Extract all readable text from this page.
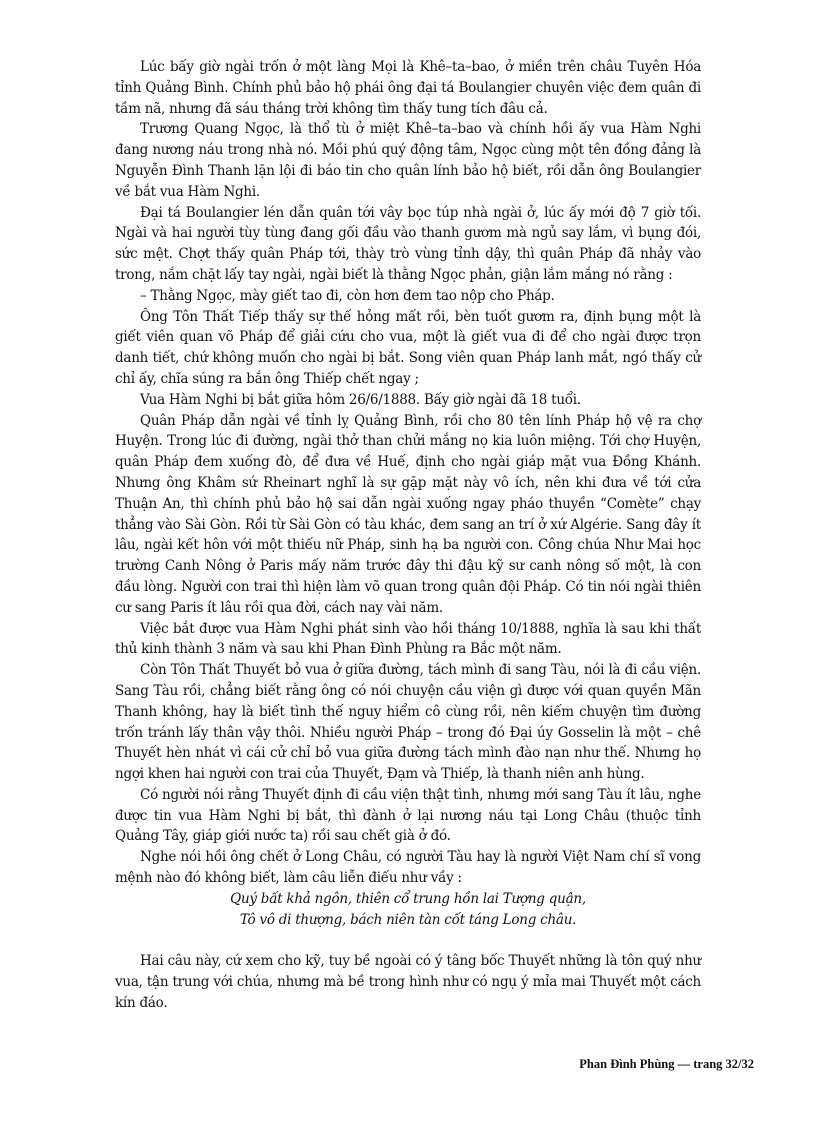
Lúc bấy giờ ngài trốn ở một làng Mọi là Khê–ta–bao, ở miền trên châu Tuyên Hóa tỉnh Quảng Bình. Chính phủ bảo hộ phái ông đại tá Boulangier chuyên việc đem quân đi tầm nã, nhưng đã sáu tháng trời không tìm thấy tung tích đâu cả.

Trương Quang Ngọc, là thổ tù ở miệt Khê–ta–bao và chính hồi ấy vua Hàm Nghi đang nương náu trong nhà nó. Mồi phú quý động tâm, Ngọc cùng một tên đồng đảng là Nguyễn Đình Thanh lặn lội đi báo tin cho quân lính bảo hộ biết, rồi dẫn ông Boulangier về bắt vua Hàm Nghi.

Đại tá Boulangier lén dẫn quân tới vây bọc túp nhà ngài ở, lúc ấy mới độ 7 giờ tối. Ngài và hai người tùy tùng đang gối đầu vào thanh gươm mà ngủ say lắm, vì bụng đói, sức mệt. Chợt thấy quân Pháp tới, thày trò vùng tỉnh dậy, thì quân Pháp đã nhảy vào trong, nắm chặt lấy tay ngài, ngài biết là thằng Ngọc phản, giận lắm mắng nó rằng :

– Thằng Ngọc, mày giết tao đi, còn hơn đem tao nộp cho Pháp.

Ông Tôn Thất Tiếp thấy sự thế hỏng mất rồi, bèn tuốt gươm ra, định bụng một là giết viên quan võ Pháp để giải cứu cho vua, một là giết vua đi để cho ngài được trọn danh tiết, chứ không muốn cho ngài bị bắt. Song viên quan Pháp lanh mắt, ngó thấy cử chỉ ấy, chĩa súng ra bắn ông Thiếp chết ngay ;

Vua Hàm Nghi bị bắt giữa hôm 26/6/1888. Bấy giờ ngài đã 18 tuổi.

Quân Pháp dẫn ngài về tỉnh lỵ Quảng Bình, rồi cho 80 tên lính Pháp hộ vệ ra chợ Huyện. Trong lúc đi đường, ngài thở than chửi mắng nọ kia luôn miệng. Tới chợ Huyện, quân Pháp đem xuống đò, để đưa về Huế, định cho ngài giáp mặt vua Đồng Khánh. Nhưng ông Khâm sứ Rheinart nghĩ là sự gặp mặt này vô ích, nên khi đưa về tới cửa Thuận An, thì chính phủ bảo hộ sai dẫn ngài xuống ngay pháo thuyền “Comète” chạy thẳng vào Sài Gòn. Rồi từ Sài Gòn có tàu khác, đem sang an trí ở xứ Algérie. Sang đây ít lâu, ngài kết hôn với một thiếu nữ Pháp, sinh hạ ba người con. Công chúa Như Mai học trường Canh Nông ở Paris mấy năm trước đây thi đậu kỹ sư canh nông số một, là con đầu lòng. Người con trai thì hiện làm võ quan trong quân đội Pháp. Có tin nói ngài thiên cư sang Paris ít lâu rồi qua đời, cách nay vài năm.

Việc bắt được vua Hàm Nghi phát sinh vào hồi tháng 10/1888, nghĩa là sau khi thất thủ kinh thành 3 năm và sau khi Phan Đình Phùng ra Bắc một năm.

Còn Tôn Thất Thuyết bỏ vua ở giữa đường, tách mình đi sang Tàu, nói là đi cầu viện. Sang Tàu rồi, chẳng biết rằng ông có nói chuyện cầu viện gì được với quan quyền Mãn Thanh không, hay là biết tình thế nguy hiểm cô cùng rồi, nên kiếm chuyện tìm đường trốn tránh lấy thân vậy thôi. Nhiều người Pháp – trong đó Đại úy Gosselin là một – chê Thuyết hèn nhát vì cái cử chỉ bỏ vua giữa đường tách mình đào nạn như thế. Nhưng họ ngợi khen hai người con trai của Thuyết, Đạm và Thiếp, là thanh niên anh hùng.

Có người nói rằng Thuyết định đi cầu viện thật tình, nhưng mới sang Tàu ít lâu, nghe được tin vua Hàm Nghi bị bắt, thì đành ở lại nương náu tại Long Châu (thuộc tỉnh Quảng Tây, giáp giới nước ta) rồi sau chết già ở đó.

Nghe nói hồi ông chết ở Long Châu, có người Tàu hay là người Việt Nam chí sĩ vong mệnh nào đó không biết, làm câu liễn điếu như vầy :

Quý bất khả ngôn, thiên cổ trung hồn lai Tượng quận,
Tô vô di thượng, bách niên tàn cốt táng Long châu.

Hai câu này, cứ xem cho kỹ, tuy bề ngoài có ý tâng bốc Thuyết những là tôn quý như vua, tận trung với chúa, nhưng mà bề trong hình như có ngụ ý mỉa mai Thuyết một cách kín đáo.

Phan Đình Phùng — trang 32/32
